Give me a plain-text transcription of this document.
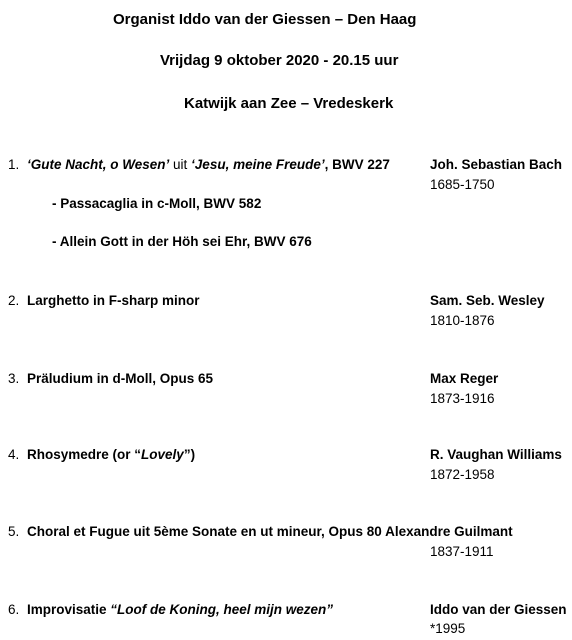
Organist Iddo van der Giessen – Den Haag
Vrijdag 9 oktober 2020 - 20.15 uur
Katwijk aan Zee – Vredeskerk
1. ‘Gute Nacht, o Wesen’ uit ‘Jesu, meine Freude’, BWV 227	Joh. Sebastian Bach
1685-1750
- Passacaglia in c-Moll, BWV 582
- Allein Gott in der Höh sei Ehr, BWV 676
2. Larghetto in F-sharp minor	Sam. Seb. Wesley
1810-1876
3. Präludium in d-Moll, Opus 65	Max Reger
1873-1916
4. Rhosymedre (or “Lovely”)	R. Vaughan Williams
1872-1958
5. Choral et Fugue uit 5ème Sonate en ut mineur, Opus 80 Alexandre Guilmant
1837-1911
6. Improvisatie “Loof de Koning, heel mijn wezen”	Iddo van der Giessen
*1995
